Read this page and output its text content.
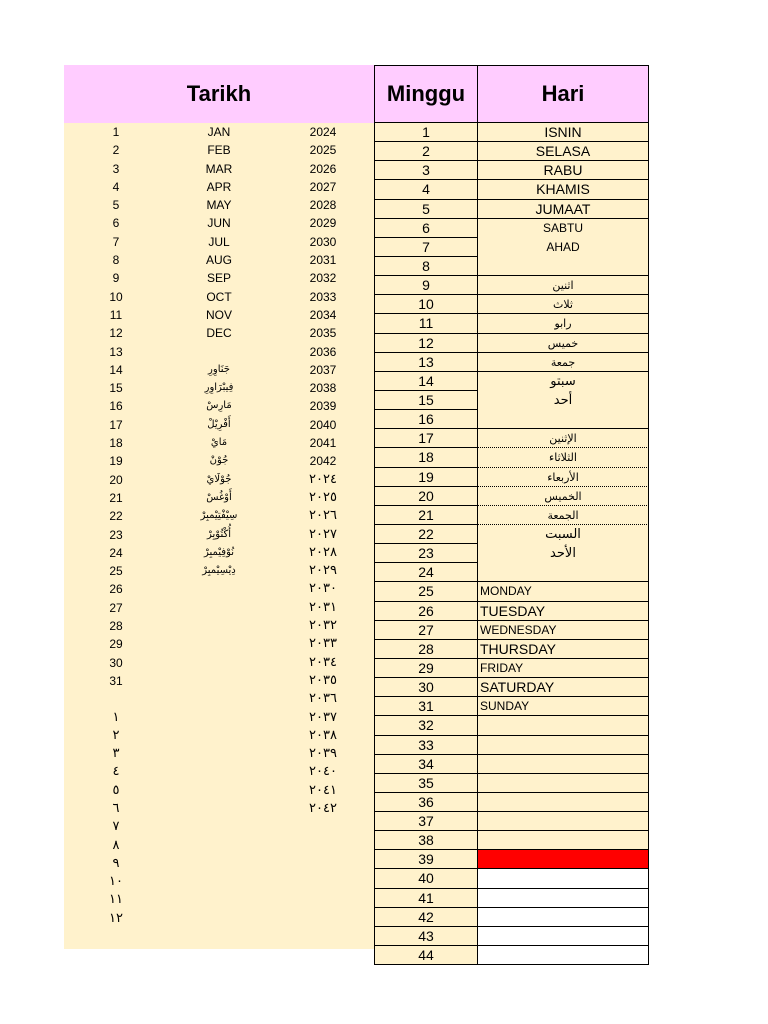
Tarikh	Minggu	Hari
1
2
3
4
5
6
7
8
9
10
11
12
13
14
15
16
17
18
19
20
21
22
23
24
25
26
27
28
29
30
31
١
٢
٣
٤
٥
٦
٧
٨
٩
١٠
١١
١٢
JAN
FEB
MAR
APR
MAY
JUN
JUL
AUG
SEP
OCT
NOV
DEC
جَنَاوِرِ
فِيبْرَاوِرِ
مَارِسْ
أَفْرِيْلْ
مَايْ
جُوْنْ
جُوْلَايْ
أَوْغُسْ
سِيْفْتِيْمبِرْ
أُكْتُوْبِرْ
نُوْفِيْمبِرْ
دِيْسِيْمبِرْ
2024
2025
2026
2027
2028
2029
2030
2031
2032
2033
2034
2035
2036
2037
2038
2039
2040
2041
2042
٢٠٢٤
٢٠٢٥
٢٠٢٦
٢٠٢٧
٢٠٢٨
٢٠٢٩
٢٠٣٠
٢٠٣١
٢٠٣٢
٢٠٣٣
٢٠٣٤
٢٠٣٥
٢٠٣٦
٢٠٣٧
٢٠٣٨
٢٠٣٩
٢٠٤٠
٢٠٤١
٢٠٤٢
1
2
3
4
5
6
7
8
9
10
11
12
13
14
15
16
17
18
19
20
21
22
23
24
25
26
27
28
29
30
31
32
33
34
35
36
37
38
39
40
41
42
43
44
ISNIN
SELASA
RABU
KHAMIS
JUMAAT
SABTU
AHAD
اثنين
ثلاث
رابو
خميس
جمعة
سبتو
أحد
الإثنين
الثلاثاء
الأربعاء
الخميس
الجمعة
السبت
الأحد
MONDAY
TUESDAY
WEDNESDAY
THURSDAY
FRIDAY
SATURDAY
SUNDAY
